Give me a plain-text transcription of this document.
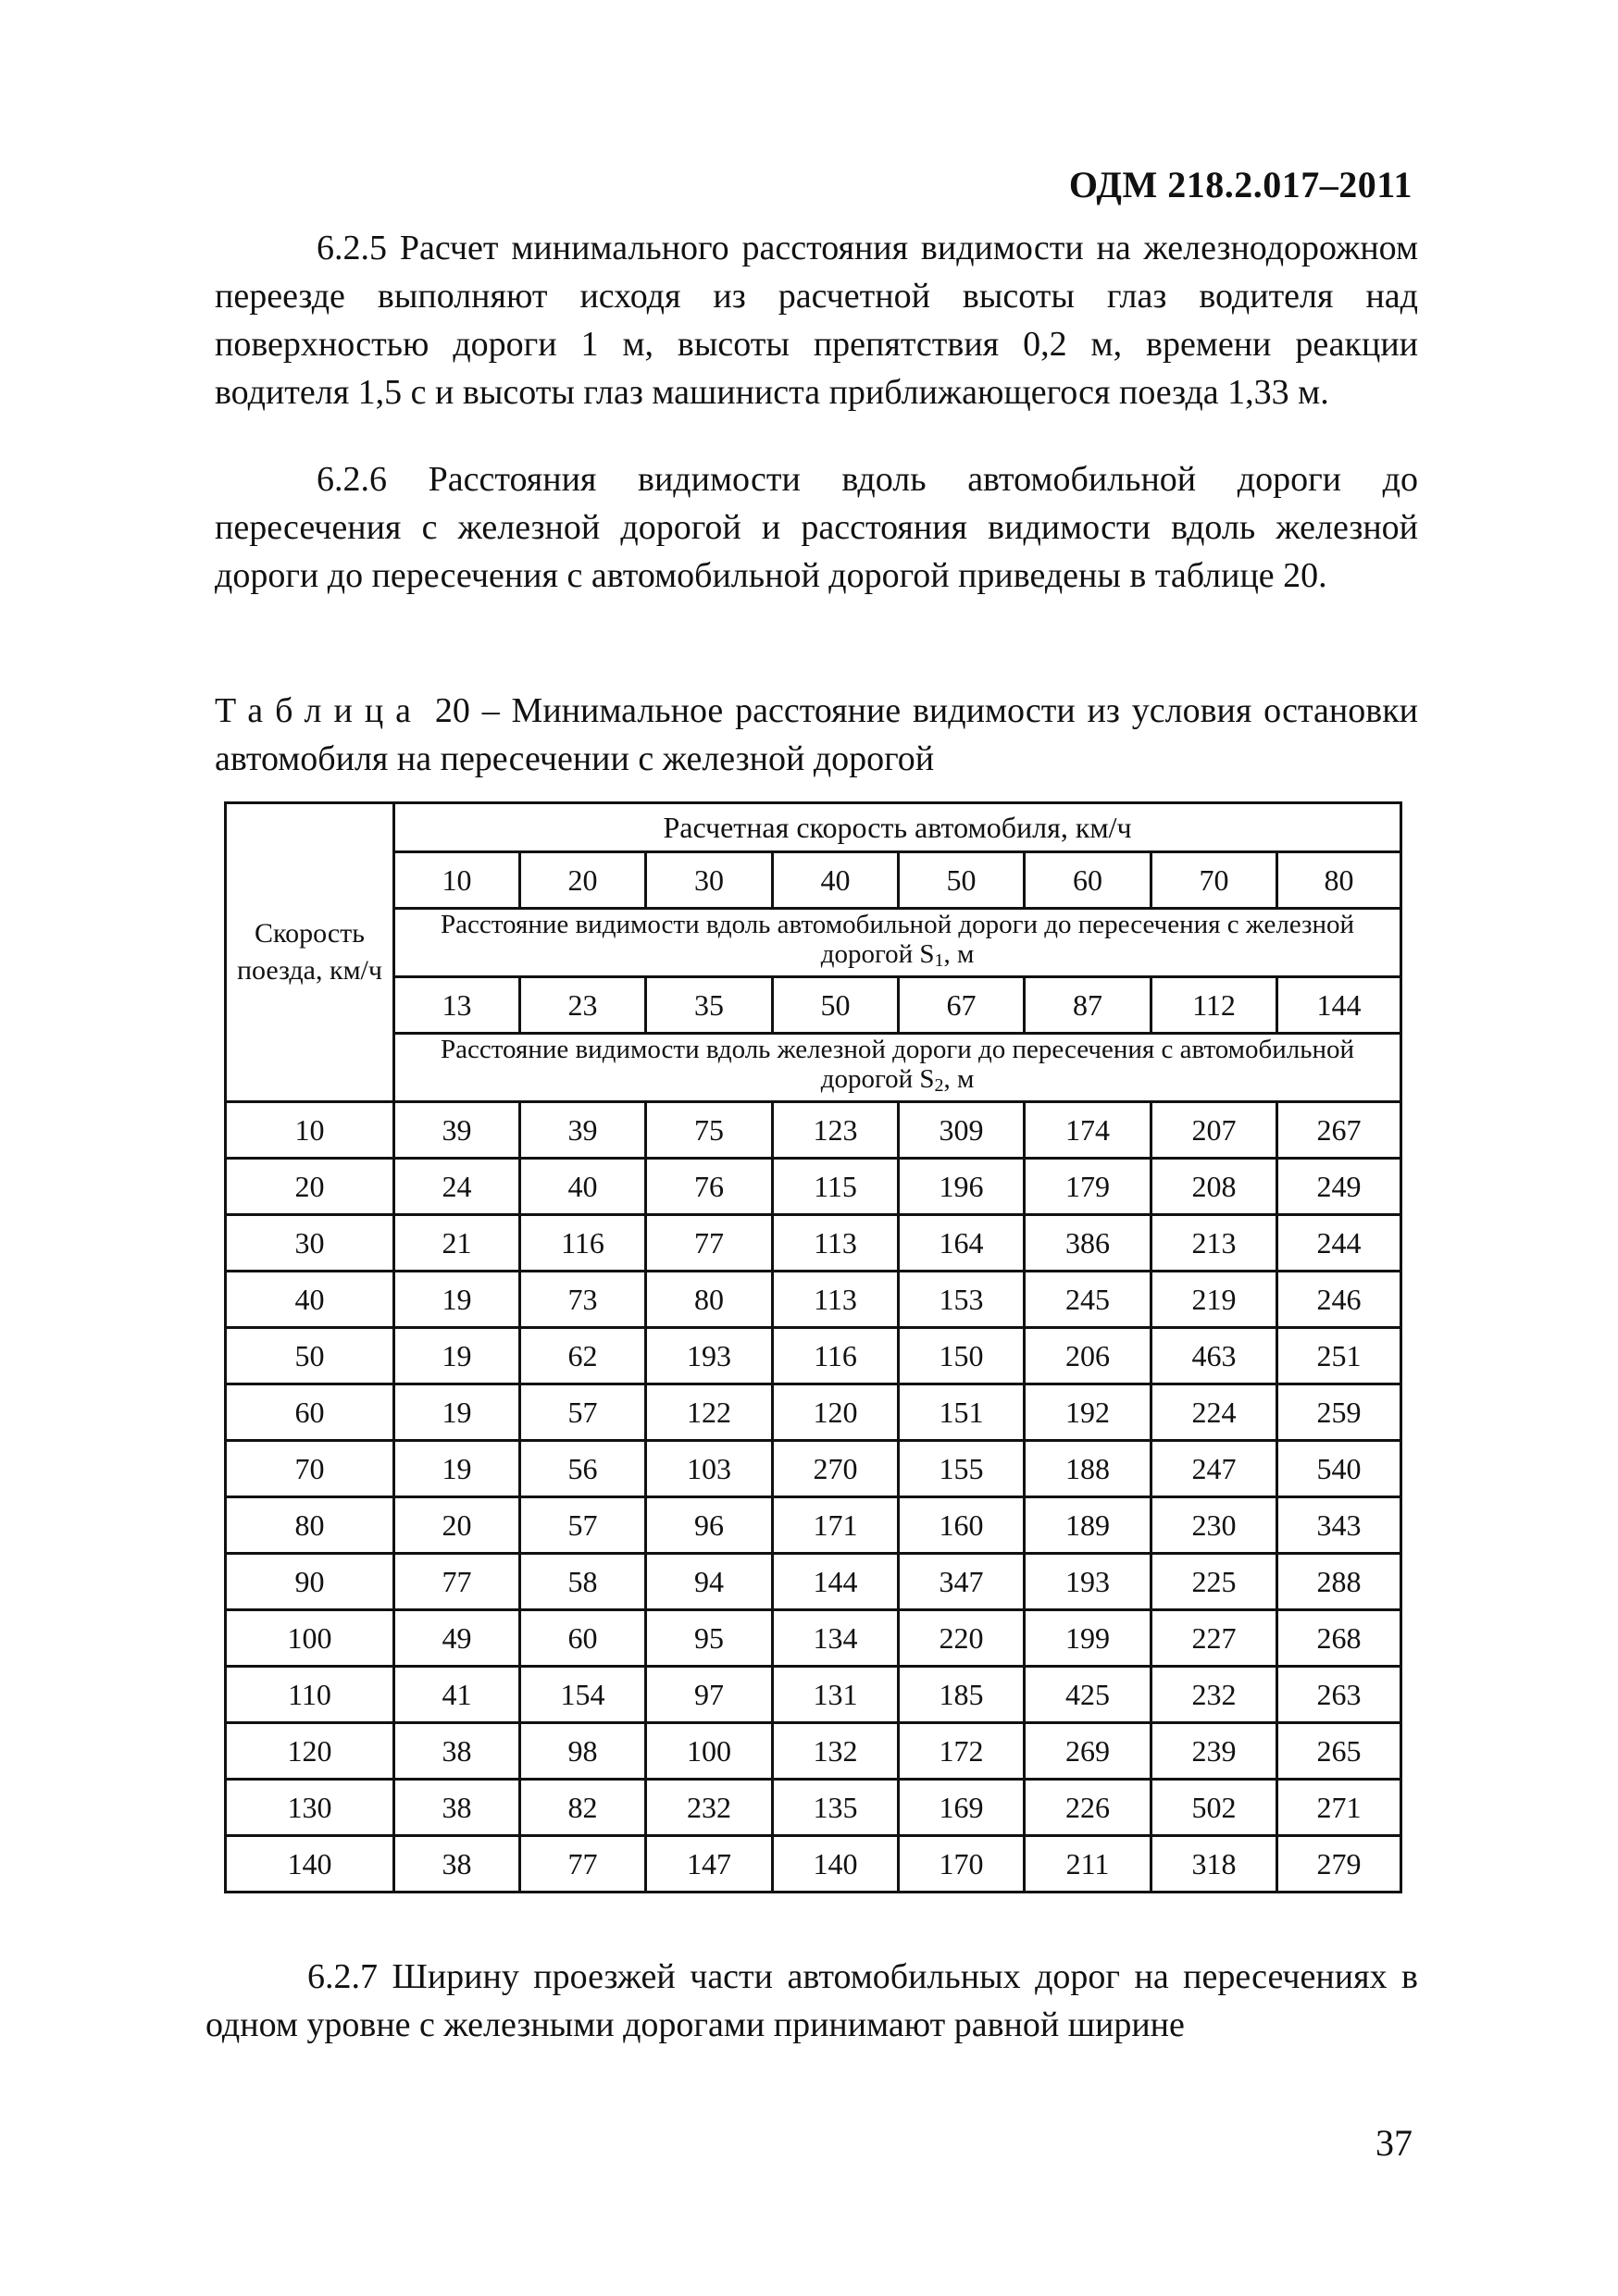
ОДМ 218.2.017–2011

6.2.5 Расчет минимального расстояния видимости на железнодорожном переезде выполняют исходя из расчетной высоты глаз водителя над поверхностью дороги 1 м, высоты препятствия 0,2 м, времени реакции водителя 1,5 с и высоты глаз машиниста приближающегося поезда 1,33 м.

6.2.6 Расстояния видимости вдоль автомобильной дороги до пересечения с железной дорогой и расстояния видимости вдоль железной дороги до пересечения с автомобильной дорогой приведены в таблице 20.

Таблица 20 – Минимальное расстояние видимости из условия остановки автомобиля на пересечении с железной дорогой

Скорость поезда, км/ч	Расчетная скорость автомобиля, км/ч							
	10	20	30	40	50	60	70	80
	Расстояние видимости вдоль автомобильной дороги до пересечения с железной дорогой S1, м							
	13	23	35	50	67	87	112	144
	Расстояние видимости вдоль железной дороги до пересечения с автомобильной дорогой S2, м							
10	39	39	75	123	309	174	207	267
20	24	40	76	115	196	179	208	249
30	21	116	77	113	164	386	213	244
40	19	73	80	113	153	245	219	246
50	19	62	193	116	150	206	463	251
60	19	57	122	120	151	192	224	259
70	19	56	103	270	155	188	247	540
80	20	57	96	171	160	189	230	343
90	77	58	94	144	347	193	225	288
100	49	60	95	134	220	199	227	268
110	41	154	97	131	185	425	232	263
120	38	98	100	132	172	269	239	265
130	38	82	232	135	169	226	502	271
140	38	77	147	140	170	211	318	279

6.2.7 Ширину проезжей части автомобильных дорог на пересечениях в одном уровне с железными дорогами принимают равной ширине

37
